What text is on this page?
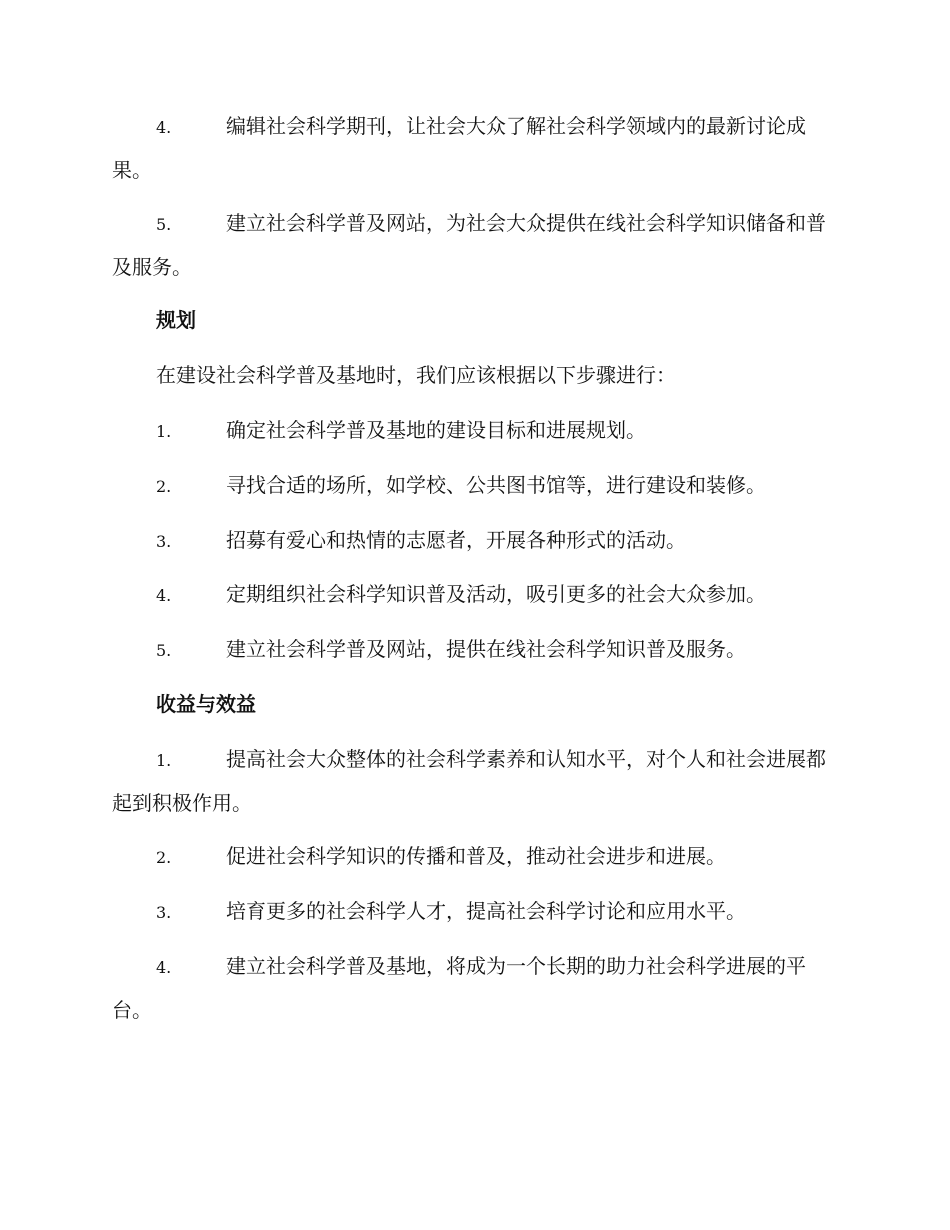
4.	编辑社会科学期刊，让社会大众了解社会科学领域内的最新讨论成果。

5.	建立社会科学普及网站，为社会大众提供在线社会科学知识储备和普及服务。

规划

在建设社会科学普及基地时，我们应该根据以下步骤进行：

1.	确定社会科学普及基地的建设目标和进展规划。

2.	寻找合适的场所，如学校、公共图书馆等，进行建设和装修。

3.	招募有爱心和热情的志愿者，开展各种形式的活动。

4.	定期组织社会科学知识普及活动，吸引更多的社会大众参加。

5.	建立社会科学普及网站，提供在线社会科学知识普及服务。

收益与效益

1.	提高社会大众整体的社会科学素养和认知水平，对个人和社会进展都起到积极作用。

2.	促进社会科学知识的传播和普及，推动社会进步和进展。

3.	培育更多的社会科学人才，提高社会科学讨论和应用水平。

4.	建立社会科学普及基地，将成为一个长期的助力社会科学进展的平台。
